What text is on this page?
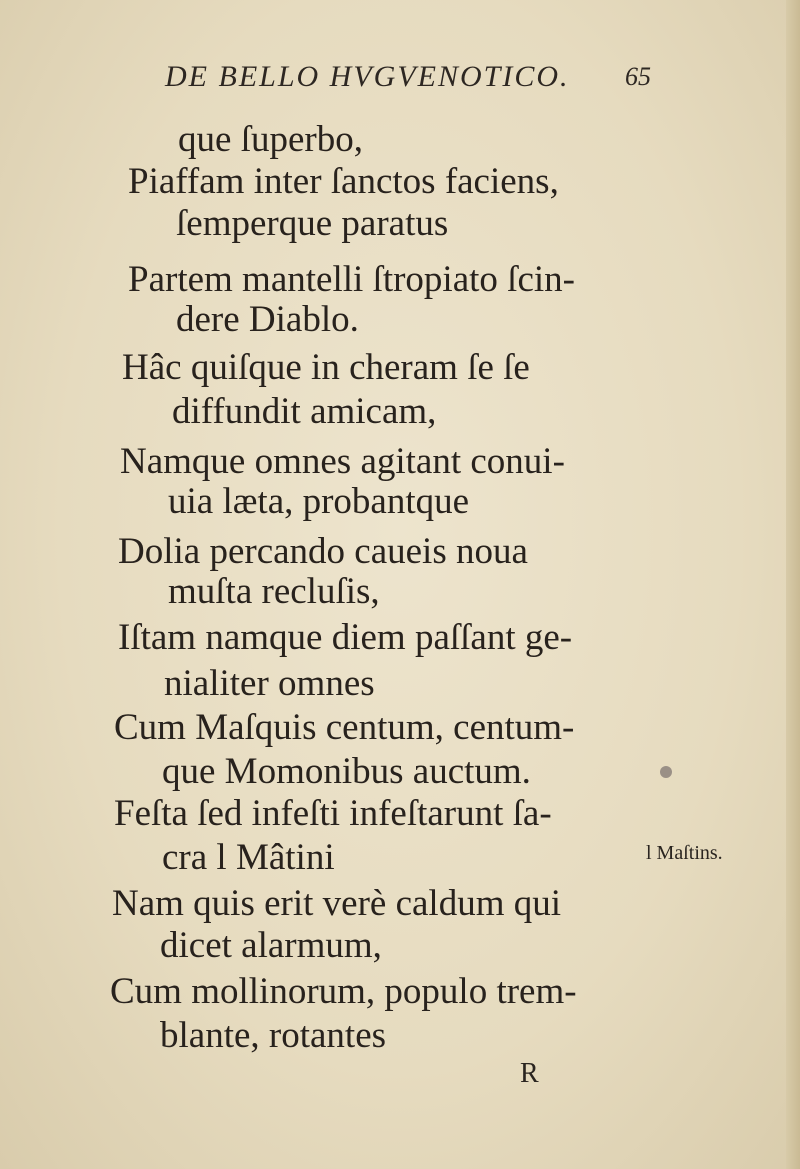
DE BELLO HVGVENOTICO. 65
que ſuperbo,
Piaffam inter ſanctos faciens,
ſemperque paratus
Partem mantelli ſtropiato ſcin-
dere Diablo.
Hâc quiſque in cheram ſe ſe
diffundit amicam,
Namque omnes agitant conui-
uia læta, probantque
Dolia percando caueis noua
muſta recluſis,
Iſtam namque diem paſſant ge-
nialiter omnes
Cum Maſquis centum, centum-
que Momonibus auctum.
Feſta ſed infeſti infeſtarunt ſa-
cra l Mâtini
Nam quis erit verè caldum qui
dicet alarmum,
Cum mollinorum, populo trem-
blante, rotantes
l Maſtins.
R
